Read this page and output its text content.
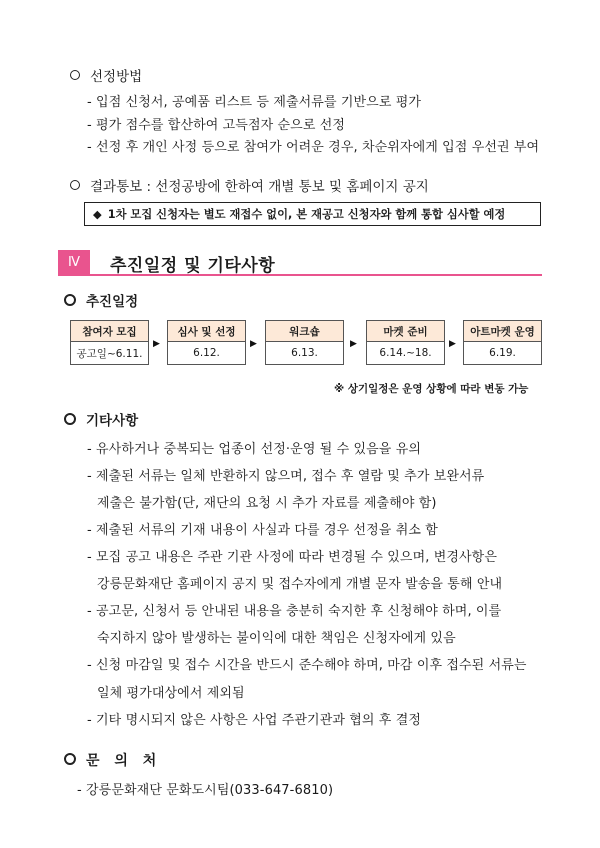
선정방법
- 입점 신청서, 공예품 리스트 등 제출서류를 기반으로 평가
- 평가 점수를 합산하여 고득점자 순으로 선정
- 선정 후 개인 사정 등으로 참여가 어려운 경우, 차순위자에게 입점 우선권 부여
결과통보 : 선정공방에 한하여 개별 통보 및 홈페이지 공지
◆ 1차 모집 신청자는 별도 재접수 없이, 본 재공고 신청자와 함께 통합 심사할 예정
Ⅳ	추진일정 및 기타사항
추진일정
참여자 모집
공고일~6.11.
▶
심사 및 선정
6.12.
▶
워크숍
6.13.
▶
마켓 준비
6.14.~18.
▶
아트마켓 운영
6.19.
※ 상기일정은 운영 상황에 따라 변동 가능
기타사항
- 유사하거나 중복되는 업종이 선정·운영 될 수 있음을 유의
- 제출된 서류는 일체 반환하지 않으며, 접수 후 열람 및 추가 보완서류
제출은 불가함(단, 재단의 요청 시 추가 자료를 제출해야 함)
- 제출된 서류의 기재 내용이 사실과 다를 경우 선정을 취소 함
- 모집 공고 내용은 주관 기관 사정에 따라 변경될 수 있으며, 변경사항은
강릉문화재단 홈페이지 공지 및 접수자에게 개별 문자 발송을 통해 안내
- 공고문, 신청서 등 안내된 내용을 충분히 숙지한 후 신청해야 하며, 이를
숙지하지 않아 발생하는 불이익에 대한 책임은 신청자에게 있음
- 신청 마감일 및 접수 시간을 반드시 준수해야 하며, 마감 이후 접수된 서류는
일체 평가대상에서 제외됨
- 기타 명시되지 않은 사항은 사업 주관기관과 협의 후 결정
문 의 처
- 강릉문화재단 문화도시팀(033-647-6810)
